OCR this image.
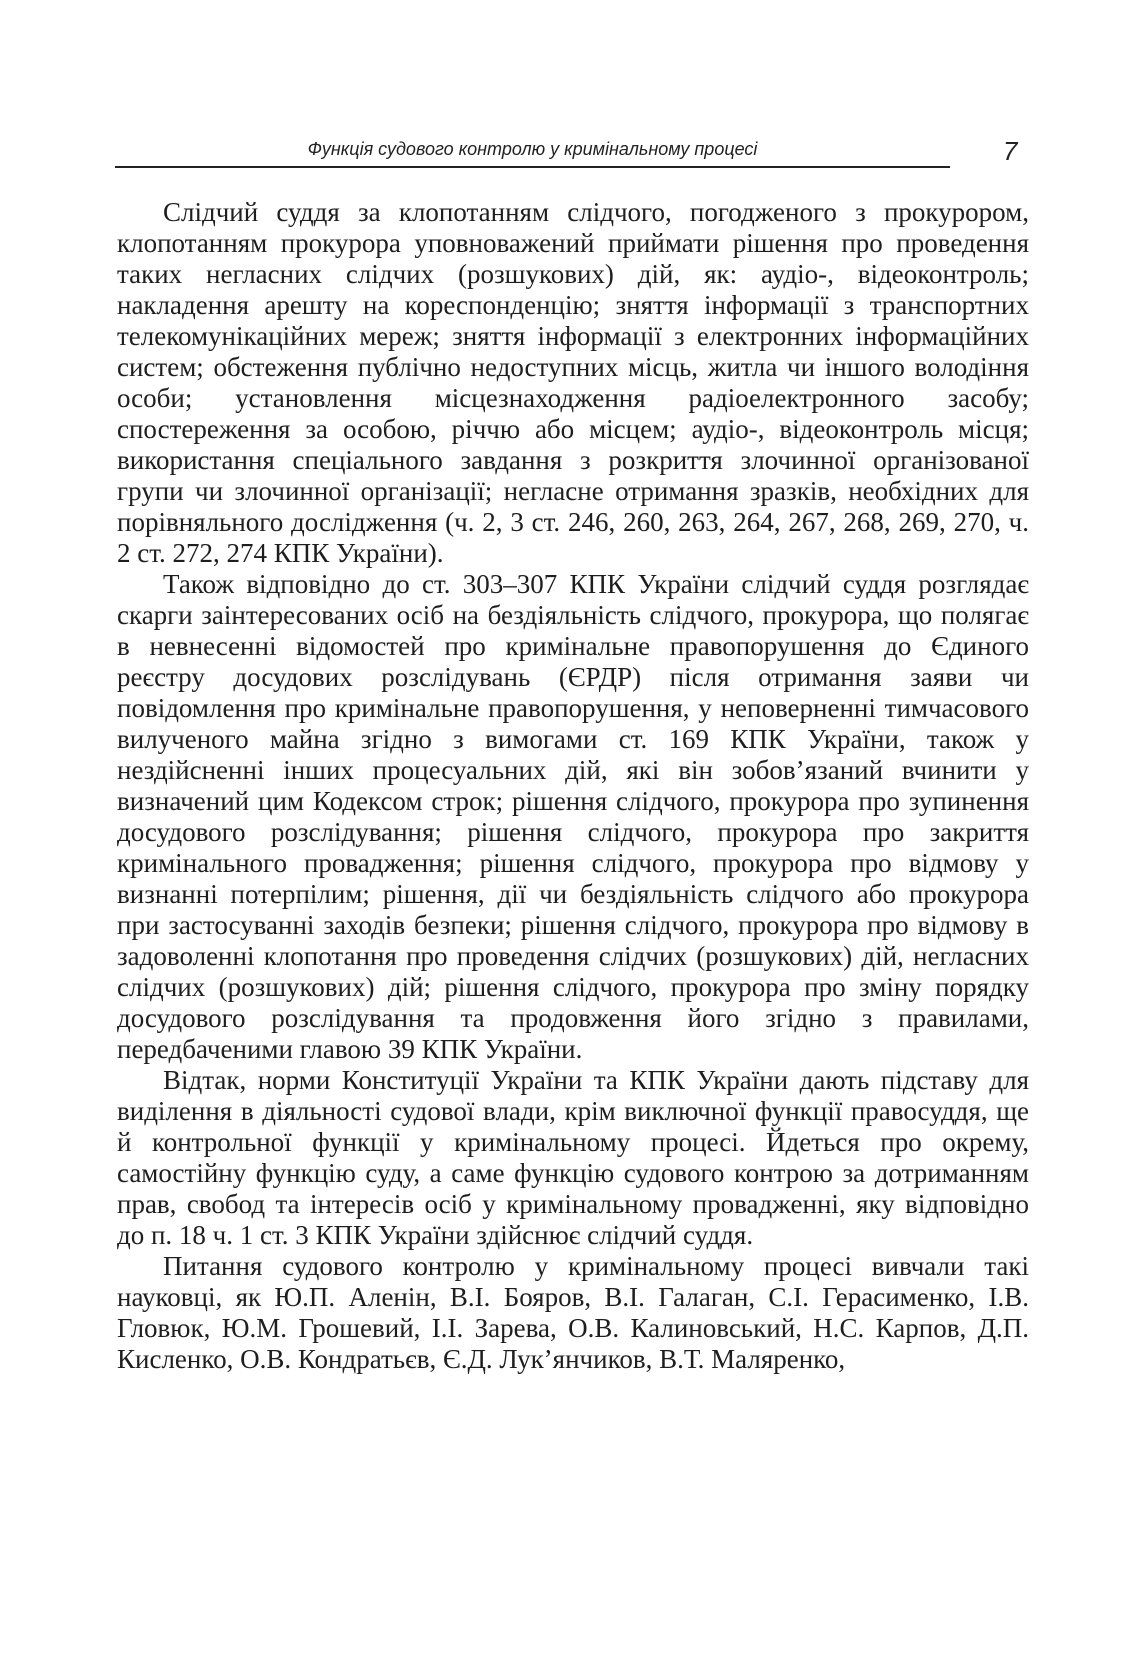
Функція судового контролю у кримінальному процесі	7

Слідчий суддя за клопотанням слідчого, погодженого з прокурором, клопотанням прокурора уповноважений приймати рішення про проведення таких негласних слідчих (розшукових) дій, як: аудіо-, відеоконтроль; накладення арешту на кореспонденцію; зняття інформації з транспортних телекомунікаційних мереж; зняття інформації з електронних інформаційних систем; обстеження публічно недоступних місць, житла чи іншого володіння особи; установлення місцезнаходження радіоелектронного засобу; спостереження за особою, річчю або місцем; аудіо-, відеоконтроль місця; використання спеціального завдання з розкриття злочинної організованої групи чи злочинної організації; негласне отримання зразків, необхідних для порівняльного дослідження (ч. 2, 3 ст. 246, 260, 263, 264, 267, 268, 269, 270, ч. 2 ст. 272, 274 КПК України).

Також відповідно до ст. 303–307 КПК України слідчий суддя розглядає скарги заінтересованих осіб на бездіяльність слідчого, прокурора, що полягає в невнесенні відомостей про кримінальне правопорушення до Єдиного реєстру досудових розслідувань (ЄРДР) після отримання заяви чи повідомлення про кримінальне правопорушення, у неповерненні тимчасового вилученого майна згідно з вимогами ст. 169 КПК України, також у нездійсненні інших процесуальних дій, які він зобов’язаний вчинити у визначений цим Кодексом строк; рішення слідчого, прокурора про зупинення досудового розслідування; рішення слідчого, прокурора про закриття кримінального провадження; рішення слідчого, прокурора про відмову у визнанні потерпілим; рішення, дії чи бездіяльність слідчого або прокурора при застосуванні заходів безпеки; рішення слідчого, прокурора про відмову в задоволенні клопотання про проведення слідчих (розшукових) дій, негласних слідчих (розшукових) дій; рішення слідчого, прокурора про зміну порядку досудового розслідування та продовження його згідно з правилами, передбаченими главою 39 КПК України.

Відтак, норми Конституції України та КПК України дають підставу для виділення в діяльності судової влади, крім виключної функції правосуддя, ще й контрольної функції у кримінальному процесі. Йдеться про окрему, самостійну функцію суду, а саме функцію судового контрою за дотриманням прав, свобод та інтересів осіб у кримінальному провадженні, яку відповідно до п. 18 ч. 1 ст. 3 КПК України здійснює слідчий суддя.

Питання судового контролю у кримінальному процесі вивчали такі науковці, як Ю.П. Аленін, В.І. Бояров, В.І. Галаган, С.І. Герасименко, І.В. Гловюк, Ю.М. Грошевий, І.І. Зарева, О.В. Калиновський, Н.С. Карпов, Д.П. Кисленко, О.В. Кондратьєв, Є.Д. Лук’янчиков, В.Т. Маляренко,
